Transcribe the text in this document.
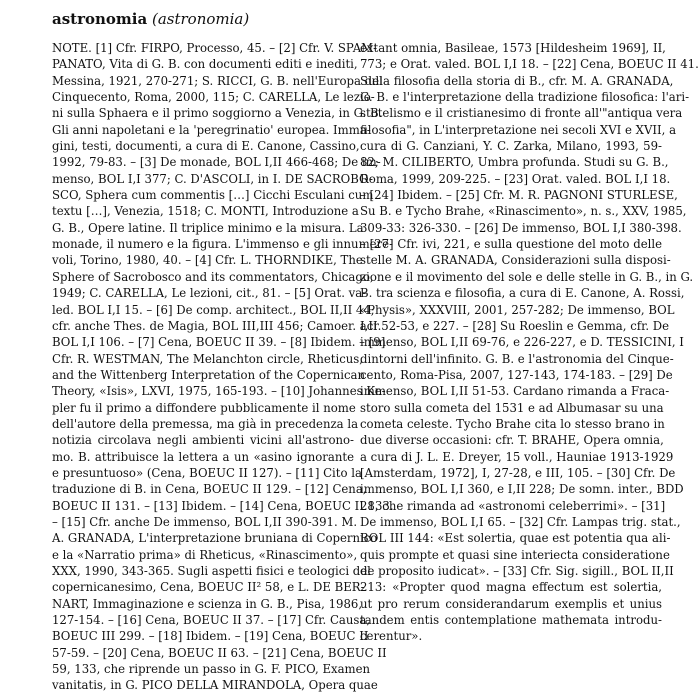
astronomia (astronomia)
NOTE. [1] Cfr. FIRPO, Processo, 45. – [2] Cfr. V. SPAM-
PANATO, Vita di G. B. con documenti editi e inediti,
Messina, 1921, 270-271; S. RICCI, G. B. nell'Europa del
Cinquecento, Roma, 2000, 115; C. CARELLA, Le lezio-
ni sulla Sphaera e il primo soggiorno a Venezia, in G. B.
Gli anni napoletani e la 'peregrinatio' europea. Imma-
gini, testi, documenti, a cura di E. Canone, Cassino,
1992, 79-83. – [3] De monade, BOL I,II 466-468; De im-
menso, BOL I,I 377; C. D'ASCOLI, in I. DE SACROBO-
SCO, Sphera cum commentis […] Cicchi Esculani cum
textu […], Venezia, 1518; C. MONTI, Introduzione a
G. B., Opere latine. Il triplice minimo e la misura. La
monade, il numero e la figura. L'immenso e gli innumere-
voli, Torino, 1980, 40. – [4] Cfr. L. THORNDIKE, The
Sphere of Sacrobosco and its commentators, Chicago,
1949; C. CARELLA, Le lezioni, cit., 81. – [5] Orat. va-
led. BOL I,I 15. – [6] De comp. architect., BOL II,II 44;
cfr. anche Thes. de Magia, BOL III,III 456; Camoer. acr.
BOL I,I 106. – [7] Cena, BOEUC II 39. – [8] Ibidem. – [9]
Cfr. R. WESTMAN, The Melanchton circle, Rheticus,
and the Wittenberg Interpretation of the Copernican
Theory, «Isis», LXVI, 1975, 165-193. – [10] Johannes Ke-
pler fu il primo a diffondere pubblicamente il nome
dell'autore della premessa, ma già in precedenza la
notizia circolava negli ambienti vicini all'astrono-
mo. B. attribuisce la lettera a un «asino ignorante
e presuntuoso» (Cena, BOEUC II 127). – [11] Cito la
traduzione di B. in Cena, BOEUC II 129. – [12] Cena,
BOEUC II 131. – [13] Ibidem. – [14] Cena, BOEUC II 133.
– [15] Cfr. anche De immenso, BOL I,II 390-391. M.
A. GRANADA, L'interpretazione bruniana di Copernico
e la «Narratio prima» di Rheticus, «Rinascimento»,
XXX, 1990, 343-365. Sugli aspetti fisici e teologici del
copernicanesimo, Cena, BOEUC II² 58, e L. DE BER-
NART, Immaginazione e scienza in G. B., Pisa, 1986,
127-154. – [16] Cena, BOEUC II 37. – [17] Cfr. Causa,
BOEUC III 299. – [18] Ibidem. – [19] Cena, BOEUC II
57-59. – [20] Cena, BOEUC II 63. – [21] Cena, BOEUC II
59, 133, che riprende un passo in G. F. PICO, Examen
vanitatis, in G. PICO DELLA MIRANDOLA, Opera quae
extant omnia, Basileae, 1573 [Hildesheim 1969], II,
773; e Orat. valed. BOL I,I 18. – [22] Cena, BOEUC II 41.
Sulla filosofia della storia di B., cfr. M. A. GRANADA,
G. B. e l'interpretazione della tradizione filosofica: l'ari-
stotelismo e il cristianesimo di fronte all'"antiqua vera
filosofia", in L'interpretazione nei secoli XVI e XVII, a
cura di G. Canziani, Y. C. Zarka, Milano, 1993, 59-
82; M. CILIBERTO, Umbra profunda. Studi su G. B.,
Roma, 1999, 209-225. – [23] Orat. valed. BOL I,I 18.
– [24] Ibidem. – [25] Cfr. M. R. PAGNONI STURLESE,
Su B. e Tycho Brahe, «Rinascimento», n. s., XXV, 1985,
309-33: 326-330. – [26] De immenso, BOL I,I 380-398.
– [27] Cfr. ivi, 221, e sulla questione del moto delle
stelle M. A. GRANADA, Considerazioni sulla disposi-
zione e il movimento del sole e delle stelle in G. B., in G.
B. tra scienza e filosofia, a cura di E. Canone, A. Rossi,
«Physis», XXXVIII, 2001, 257-282; De immenso, BOL
I,II 52-53, e 227. – [28] Su Roeslin e Gemma, cfr. De
immenso, BOL I,II 69-76, e 226-227, e D. TESSICINI, I
dintorni dell'infinito. G. B. e l'astronomia del Cinque-
cento, Roma-Pisa, 2007, 127-143, 174-183. – [29] De
immenso, BOL I,II 51-53. Cardano rimanda a Fraca-
storo sulla cometa del 1531 e ad Albumasar su una
cometa celeste. Tycho Brahe cita lo stesso brano in
due diverse occasioni: cfr. T. BRAHE, Opera omnia,
a cura di J. L. E. Dreyer, 15 voll., Hauniae 1913-1929
[Amsterdam, 1972], I, 27-28, e III, 105. – [30] Cfr. De
immenso, BOL I,I 360, e I,II 228; De somn. inter., BDD
28, che rimanda ad «astronomi celeberrimi». – [31]
De immenso, BOL I,I 65. – [32] Cfr. Lampas trig. stat.,
BOL III 144: «Est solertia, quae est potentia qua ali-
quis prompte et quasi sine interiecta consideratione
de proposito iudicat». – [33] Cfr. Sig. sigill., BOL II,II
213: «Propter quod magna effectum est solertia,
ut pro rerum considerandarum exemplis et unius
tandem entis contemplatione mathemata introdu-
cerentur».
